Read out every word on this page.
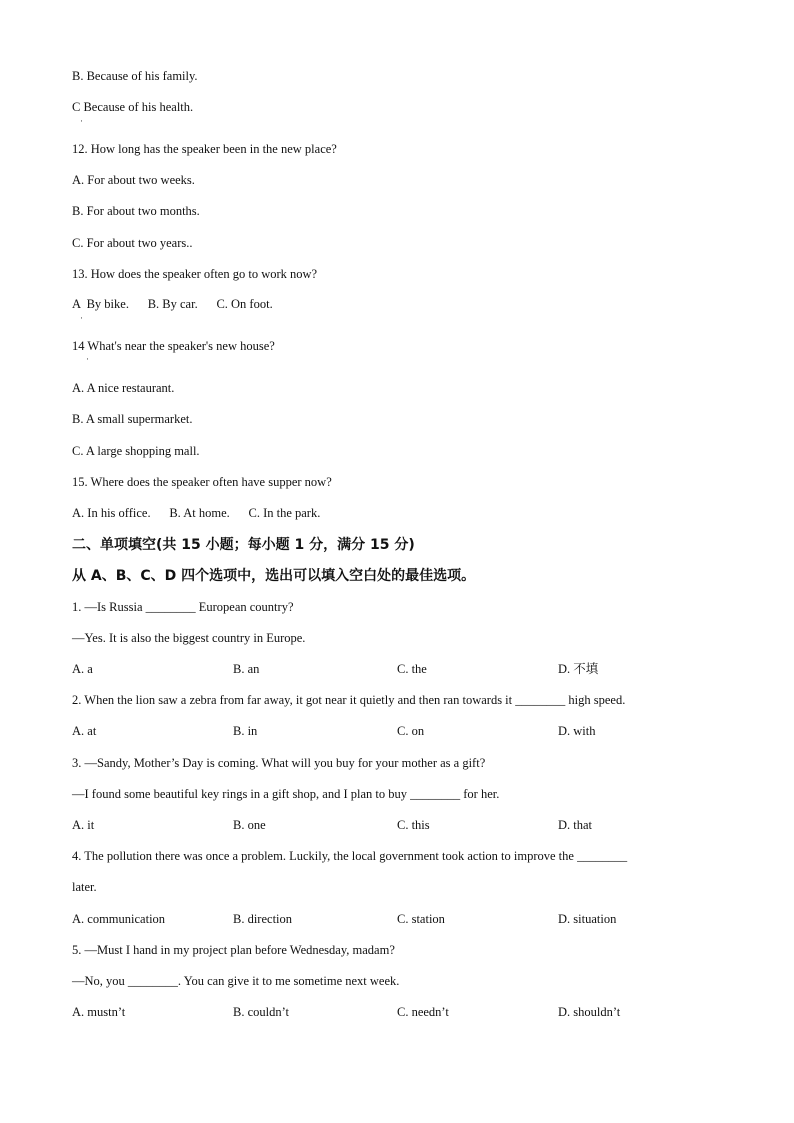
B. Because of his family.
C Because of his health.
·
12. How long has the speaker been in the new place?
A. For about two weeks.
B. For about two months.
C. For about two years..
13. How does the speaker often go to work now?
A  By bike.      B. By car.      C. On foot.
·
14 What's near the speaker's new house?
·
A. A nice restaurant.
B. A small supermarket.
C. A large shopping mall.
15. Where does the speaker often have supper now?
A. In his office.      B. At home.      C. In the park.
二、单项填空(共 15 小题；每小题 1 分，满分 15 分)
从 A、B、C、D 四个选项中，选出可以填入空白处的最佳选项。
1. —Is Russia ________ European country?
—Yes. It is also the biggest country in Europe.
A. a	B. an	C. the	D. 不填
2. When the lion saw a zebra from far away, it got near it quietly and then ran towards it ________ high speed.
A. at	B. in	C. on	D. with
3. —Sandy, Mother’s Day is coming. What will you buy for your mother as a gift?
—I found some beautiful key rings in a gift shop, and I plan to buy ________ for her.
A. it	B. one	C. this	D. that
4. The pollution there was once a problem. Luckily, the local government took action to improve the ________
later.
A. communication	B. direction	C. station	D. situation
5. —Must I hand in my project plan before Wednesday, madam?
—No, you ________. You can give it to me sometime next week.
A. mustn’t	B. couldn’t	C. needn’t	D. shouldn’t
